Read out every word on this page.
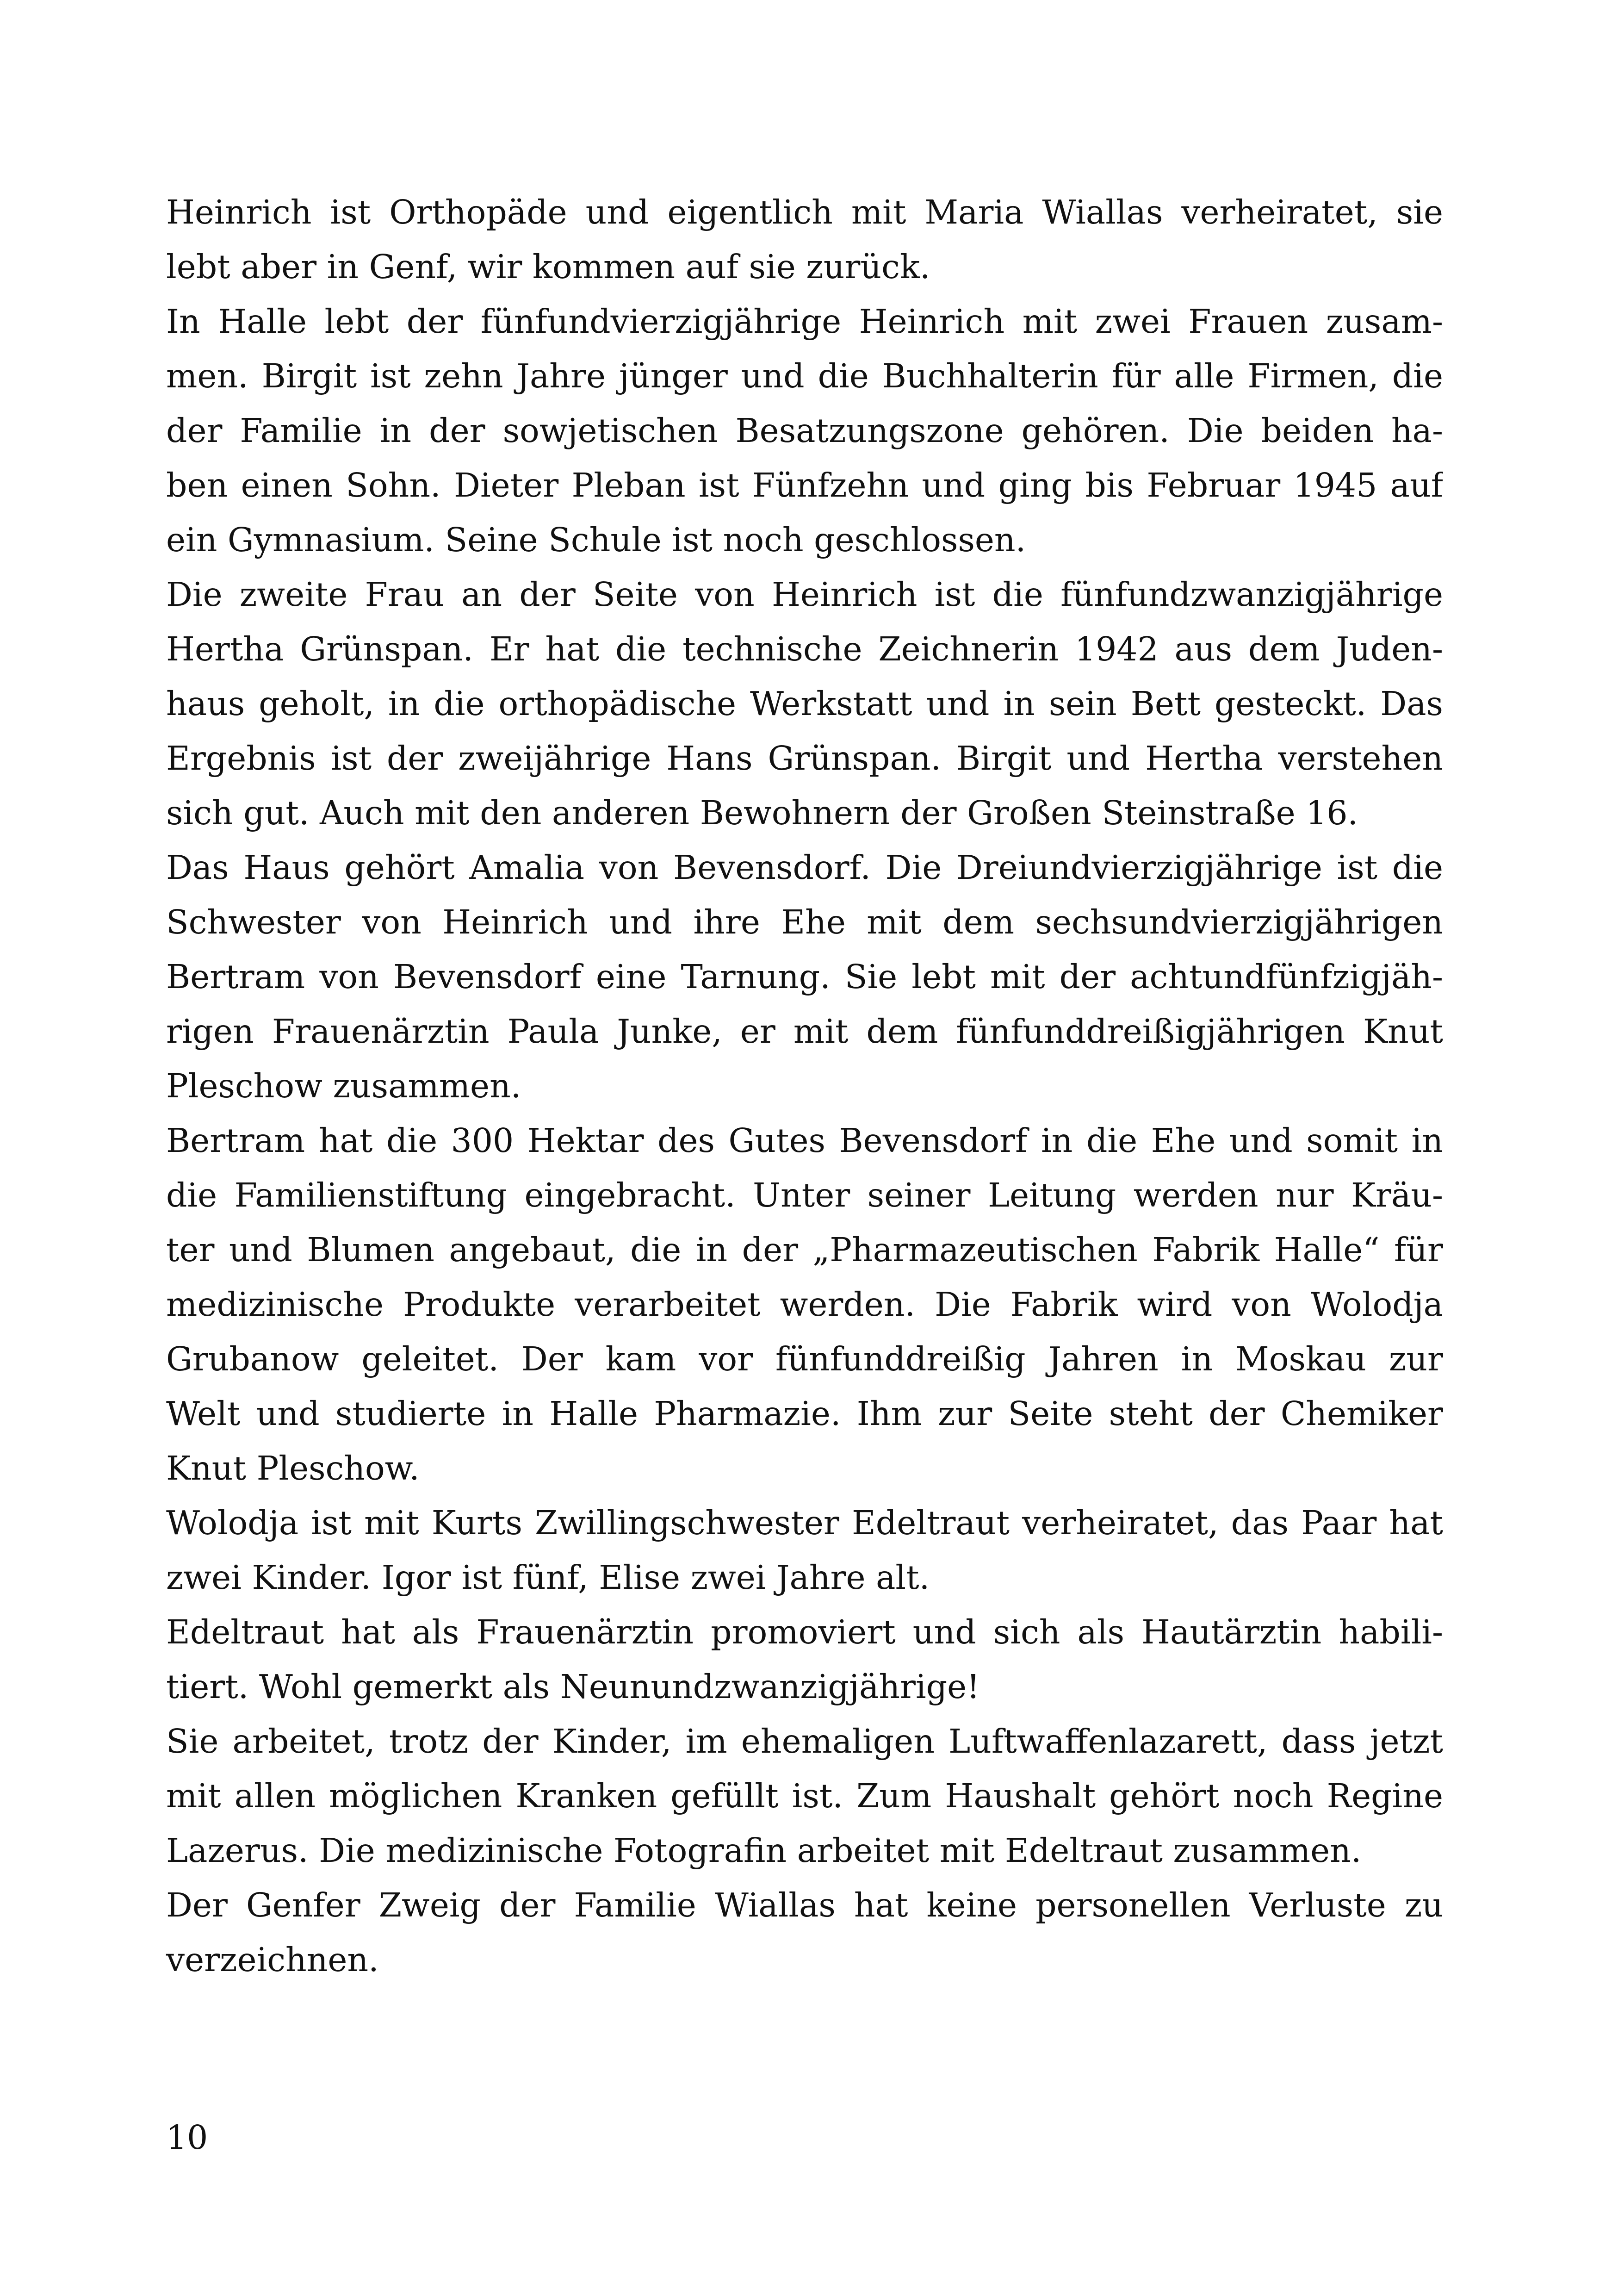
Heinrich ist Orthopäde und eigentlich mit Maria Wiallas verheiratet, sie
lebt aber in Genf, wir kommen auf sie zurück.
In Halle lebt der fünfundvierzigjährige Heinrich mit zwei Frauen zusam-
men. Birgit ist zehn Jahre jünger und die Buchhalterin für alle Firmen, die
der Familie in der sowjetischen Besatzungszone gehören. Die beiden ha-
ben einen Sohn. Dieter Pleban ist Fünfzehn und ging bis Februar 1945 auf
ein Gymnasium. Seine Schule ist noch geschlossen.
Die zweite Frau an der Seite von Heinrich ist die fünfundzwanzigjährige
Hertha Grünspan. Er hat die technische Zeichnerin 1942 aus dem Juden-
haus geholt, in die orthopädische Werkstatt und in sein Bett gesteckt. Das
Ergebnis ist der zweijährige Hans Grünspan. Birgit und Hertha verstehen
sich gut. Auch mit den anderen Bewohnern der Großen Steinstraße 16.
Das Haus gehört Amalia von Bevensdorf. Die Dreiundvierzigjährige ist die
Schwester von Heinrich und ihre Ehe mit dem sechsundvierzigjährigen
Bertram von Bevensdorf eine Tarnung. Sie lebt mit der achtundfünfzigjäh-
rigen Frauenärztin Paula Junke, er mit dem fünfunddreißigjährigen Knut
Pleschow zusammen.
Bertram hat die 300 Hektar des Gutes Bevensdorf in die Ehe und somit in
die Familienstiftung eingebracht. Unter seiner Leitung werden nur Kräu-
ter und Blumen angebaut, die in der „Pharmazeutischen Fabrik Halle“ für
medizinische Produkte verarbeitet werden. Die Fabrik wird von Wolodja
Grubanow geleitet. Der kam vor fünfunddreißig Jahren in Moskau zur
Welt und studierte in Halle Pharmazie. Ihm zur Seite steht der Chemiker
Knut Pleschow.
Wolodja ist mit Kurts Zwillingschwester Edeltraut verheiratet, das Paar hat
zwei Kinder. Igor ist fünf, Elise zwei Jahre alt.
Edeltraut hat als Frauenärztin promoviert und sich als Hautärztin habili-
tiert. Wohl gemerkt als Neunundzwanzigjährige!
Sie arbeitet, trotz der Kinder, im ehemaligen Luftwaffenlazarett, dass jetzt
mit allen möglichen Kranken gefüllt ist. Zum Haushalt gehört noch Regine
Lazerus. Die medizinische Fotografin arbeitet mit Edeltraut zusammen.
Der Genfer Zweig der Familie Wiallas hat keine personellen Verluste zu
verzeichnen.
10
